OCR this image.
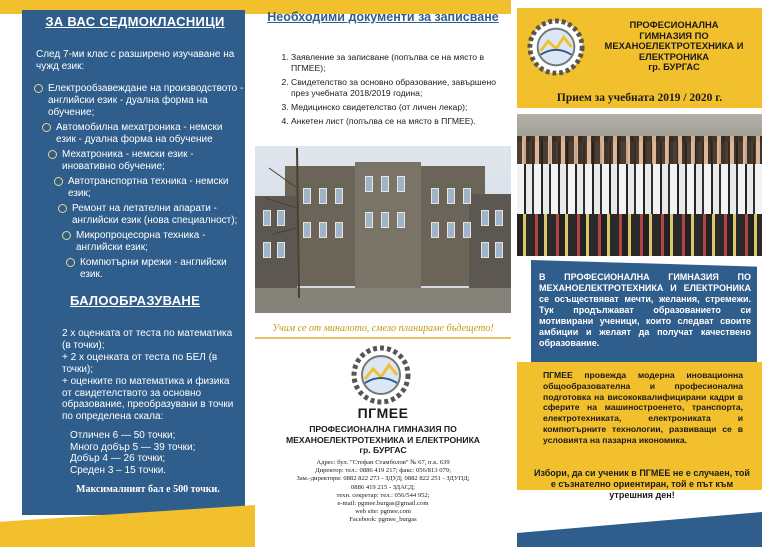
ЗА ВАС СЕДМОКЛАСНИЦИ
След 7-ми клас с разширено изучаване на чужд език:
Електрообзавеждане на производството - английски език - дуална форма на обучение;
Автомобилна мехатроника - немски език - дуална форма на обучение
Мехатроника - немски език - иновативно обучение;
Автотранспортна техника - немски език;
Ремонт на летателни апарати - английски език (нова специалност);
Микропроцесорна техника - английски език;
Компютърни мрежи - английски език.
БАЛООБРАЗУВАНЕ

2 х оценката от теста по математика (в точки);

+ 2 х оценката от теста по БЕЛ (в точки);

+ оценките по математика и физика от свидетелството за основно образование, преобразувани в точки по определена скала:

Отличен 6 — 50 точки;

Много добър 5 — 39 точки;

Добър 4 — 26 точки;

Среден 3 – 15 точки.

Максималният бал е 500 точки.
Необходими документи за записване
1. Заявление за записване (попълва се на място в ПГМЕЕ);
2. Свидетелство за основно образование, завършено през учебната 2018/2019 година;
3. Медицинско свидетелство (от личен лекар);
4. Анкетен лист (попълва се на място в ПГМЕЕ).
Учим се от миналото, смело планираме бъдещето!
ПГМЕЕ
ПРОФЕСИОНАЛНА ГИМНАЗИЯ ПО
МЕХАНОЕЛЕКТРОТЕХНИКА И ЕЛЕКТРОНИКА
гр. БУРГАС
Адрес: бул. "Стефан Стамболов" № 67, п.к. 639
Директор: тел.: 0886 419 217; факс: 056/813 079;
Зам.-директори: 0882 822 273 - ЗДУД; 0882 822 251 - ЗДУПД;
0886 419 215 - ЗДАСД;
техн. секретар: тел.: 056/544 952;
e-mail: pgmee.burgas@gmail.com
web site: pgmee.com
Facebook: pgmee_burgas
ПРОФЕСИОНАЛНА
ГИМНАЗИЯ ПО
МЕХАНОЕЛЕКТРОТЕХНИКА И
ЕЛЕКТРОНИКА
гр. БУРГАС
Прием за учебната 2019 / 2020 г.
В ПРОФЕСИОНАЛНА ГИМНАЗИЯ ПО МЕХАНОЕЛЕКТРОТЕХНИКА И ЕЛЕКТРОНИКА се осъществяват мечти, желания, стремежи. Тук продължават образованието си мотивирани ученици, които следват своите амбиции и желаят да получат качествено образование.
ПГМЕЕ провежда модерна иновационна общообразователна и професионална подготовка на висококвалифицирани кадри в сферите на машиностроенето, транспорта, електротехниката, електрониката и компютърните технологии, развиващи се в условията на пазарна икономика.
Избори, да си ученик в ПГМЕЕ не е случаен, той е съзнателно ориентиран, той е път към утрешния ден!
